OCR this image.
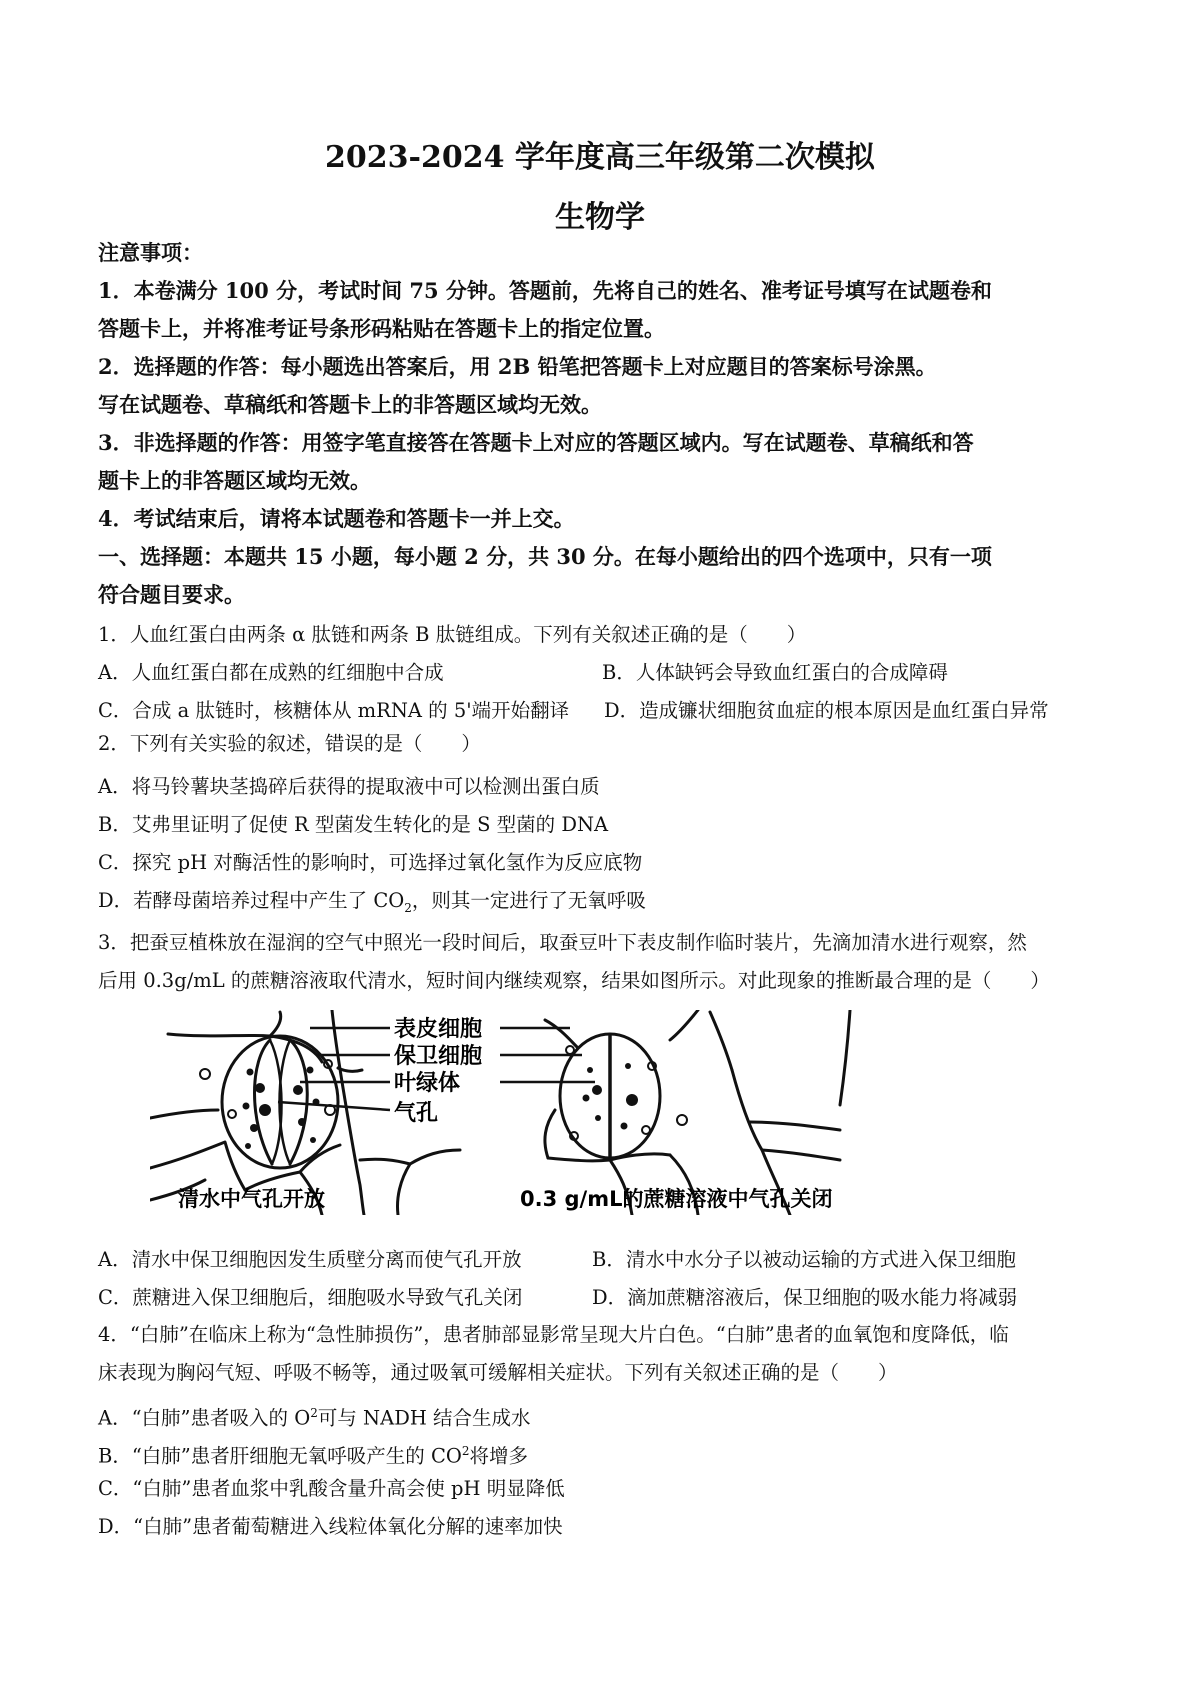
2023-2024 学年度高三年级第二次模拟
生物学
注意事项：
1．本卷满分 100 分，考试时间 75 分钟。答题前，先将自己的姓名、准考证号填写在试题卷和
答题卡上，并将准考证号条形码粘贴在答题卡上的指定位置。
2．选择题的作答：每小题选出答案后，用 2B 铅笔把答题卡上对应题目的答案标号涂黑。
写在试题卷、草稿纸和答题卡上的非答题区域均无效。
3．非选择题的作答：用签字笔直接答在答题卡上对应的答题区域内。写在试题卷、草稿纸和答
题卡上的非答题区域均无效。
4．考试结束后，请将本试题卷和答题卡一并上交。
一、选择题：本题共 15 小题，每小题 2 分，共 30 分。在每小题给出的四个选项中，只有一项
符合题目要求。
1．人血红蛋白由两条 α 肽链和两条 B 肽链组成。下列有关叙述正确的是（　　）
A．人血红蛋白都在成熟的红细胞中合成	B．人体缺钙会导致血红蛋白的合成障碍
C．合成 a 肽链时，核糖体从 mRNA 的 5'端开始翻译 D．造成镰状细胞贫血症的根本原因是血红蛋白异常
2．下列有关实验的叙述，错误的是（　　）
A．将马铃薯块茎捣碎后获得的提取液中可以检测出蛋白质
B．艾弗里证明了促使 R 型菌发生转化的是 S 型菌的 DNA
C．探究 pH 对酶活性的影响时，可选择过氧化氢作为反应底物
D．若酵母菌培养过程中产生了 $CO_2$，则其一定进行了无氧呼吸
3．把蚕豆植株放在湿润的空气中照光一段时间后，取蚕豆叶下表皮制作临时装片，先滴加清水进行观察，然
后用 0.3g/mL 的蔗糖溶液取代清水，短时间内继续观察，结果如图所示。对此现象的推断最合理的是（　　）
表皮细胞
保卫细胞
叶绿体
气孔
清水中气孔开放	0.3 g/mL的蔗糖溶液中气孔关闭
A．清水中保卫细胞因发生质壁分离而使气孔开放	B．清水中水分子以被动运输的方式进入保卫细胞
C．蔗糖进入保卫细胞后，细胞吸水导致气孔关闭	D．滴加蔗糖溶液后，保卫细胞的吸水能力将减弱
4．“白肺”在临床上称为“急性肺损伤”，患者肺部显影常呈现大片白色。“白肺”患者的血氧饱和度降低，临
床表现为胸闷气短、呼吸不畅等，通过吸氧可缓解相关症状。下列有关叙述正确的是（　　）
A．“白肺”患者吸入的 $O^2$可与 NADH 结合生成水
B．“白肺”患者肝细胞无氧呼吸产生的 $CO^2$将增多
C．“白肺”患者血浆中乳酸含量升高会使 pH 明显降低
D．“白肺”患者葡萄糖进入线粒体氧化分解的速率加快
